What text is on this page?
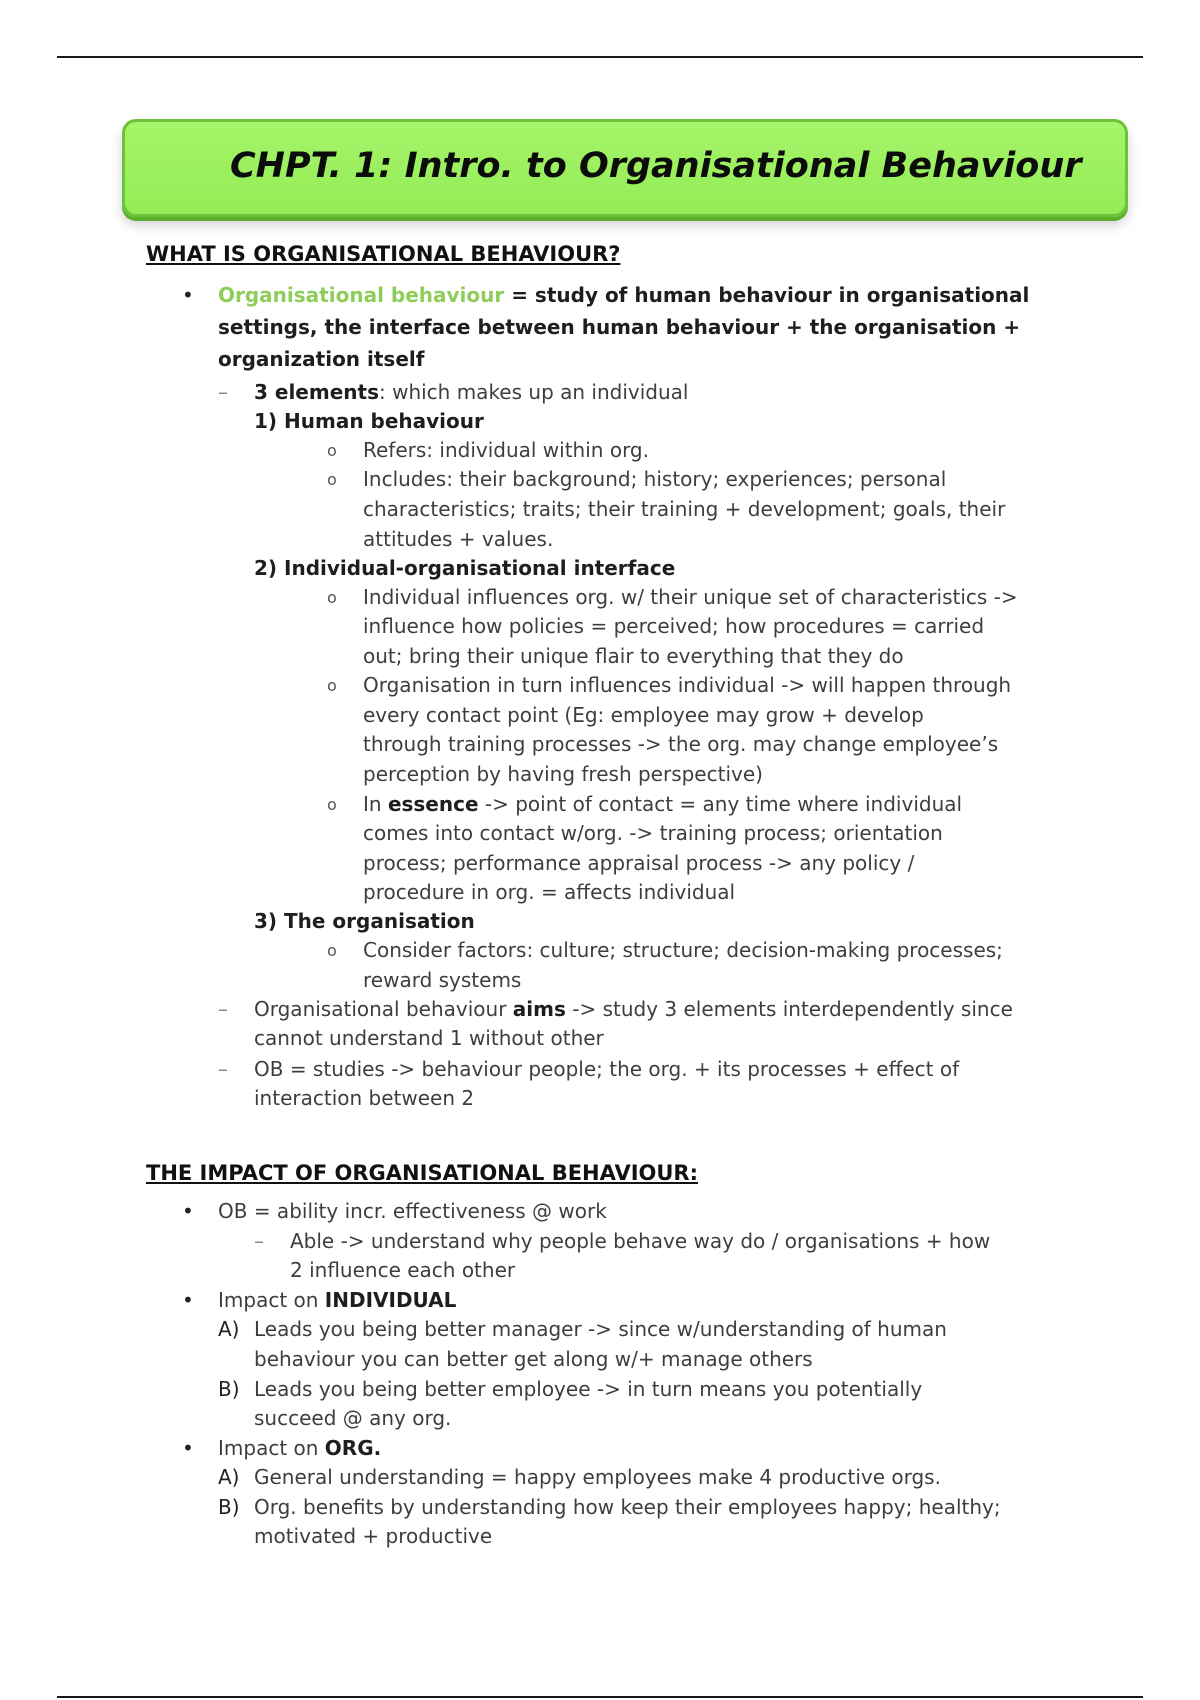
CHPT. 1: Intro. to Organisational Behaviour
WHAT IS ORGANISATIONAL BEHAVIOUR?
• Organisational behaviour = study of human behaviour in organisational
settings, the interface between human behaviour + the organisation +
organization itself
– 3 elements: which makes up an individual
1) Human behaviour
o Refers: individual within org.
o Includes: their background; history; experiences; personal
characteristics; traits; their training + development; goals, their
attitudes + values.
2) Individual-organisational interface
o Individual influences org. w/ their unique set of characteristics ->
influence how policies = perceived; how procedures = carried
out; bring their unique flair to everything that they do
o Organisation in turn influences individual -> will happen through
every contact point (Eg: employee may grow + develop
through training processes -> the org. may change employee’s
perception by having fresh perspective)
o In essence -> point of contact = any time where individual
comes into contact w/org. -> training process; orientation
process; performance appraisal process -> any policy /
procedure in org. = affects individual
3) The organisation
o Consider factors: culture; structure; decision-making processes;
reward systems
– Organisational behaviour aims -> study 3 elements interdependently since
cannot understand 1 without other
– OB = studies -> behaviour people; the org. + its processes + effect of
interaction between 2
THE IMPACT OF ORGANISATIONAL BEHAVIOUR:
• OB = ability incr. effectiveness @ work
– Able -> understand why people behave way do / organisations + how
2 influence each other
• Impact on INDIVIDUAL
A) Leads you being better manager -> since w/understanding of human
behaviour you can better get along w/+ manage others
B) Leads you being better employee -> in turn means you potentially
succeed @ any org.
• Impact on ORG.
A) General understanding = happy employees make 4 productive orgs.
B) Org. benefits by understanding how keep their employees happy; healthy;
motivated + productive
